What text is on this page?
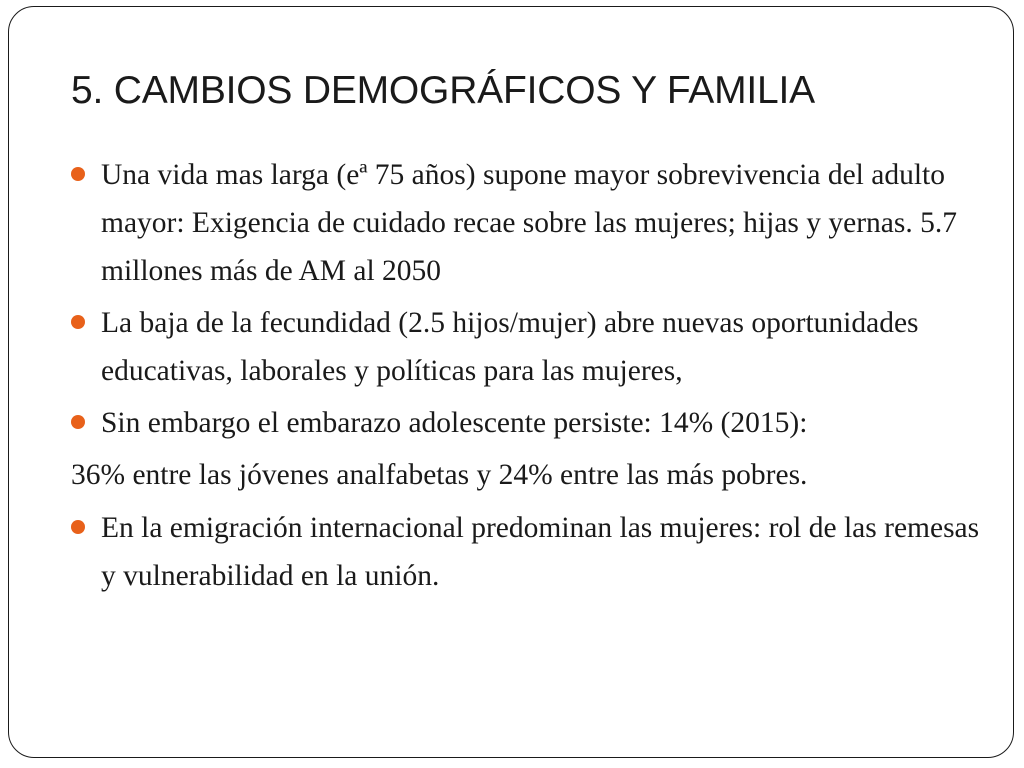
5. CAMBIOS DEMOGRÁFICOS Y FAMILIA
Una vida mas larga (eª 75 años) supone mayor sobrevivencia del adulto mayor: Exigencia de cuidado recae sobre las mujeres; hijas y yernas. 5.7 millones más de AM al 2050
La baja de la fecundidad (2.5 hijos/mujer) abre nuevas oportunidades educativas, laborales y políticas para las mujeres,
Sin embargo el embarazo adolescente persiste: 14% (2015):
36% entre las jóvenes analfabetas y 24% entre las más pobres.
En la emigración internacional predominan las mujeres: rol de las remesas y vulnerabilidad en la unión.
